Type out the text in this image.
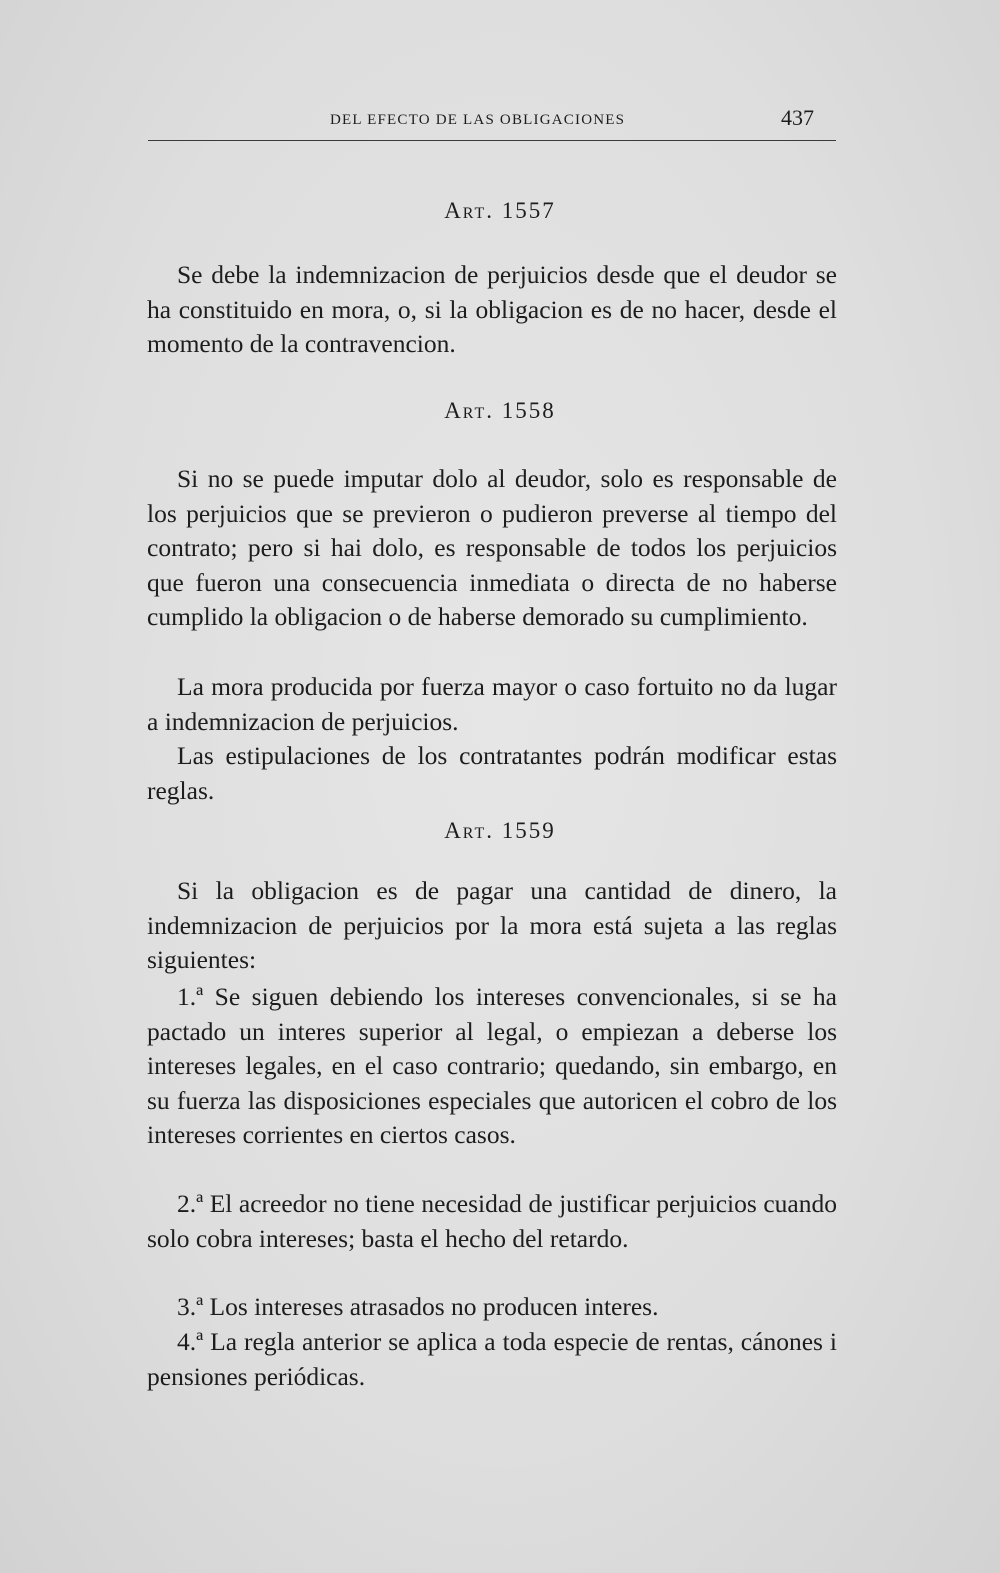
DEL EFECTO DE LAS OBLIGACIONES	437
Art. 1557

Se debe la indemnizacion de perjuicios desde que el deudor se ha constituido en mora, o, si la obligacion es de no hacer, desde el momento de la contravencion.

Art. 1558

Si no se puede imputar dolo al deudor, solo es responsable de los perjuicios que se previeron o pudieron preverse al tiempo del contrato; pero si hai dolo, es responsable de todos los perjuicios que fueron una consecuencia inmediata o directa de no haberse cumplido la obligacion o de haberse demorado su cumplimiento.

La mora producida por fuerza mayor o caso fortuito no da lugar a indemnizacion de perjuicios.

Las estipulaciones de los contratantes podrán modificar estas reglas.

Art. 1559

Si la obligacion es de pagar una cantidad de dinero, la indemnizacion de perjuicios por la mora está sujeta a las reglas siguientes:

1.ª Se siguen debiendo los intereses convencionales, si se ha pactado un interes superior al legal, o empiezan a deberse los intereses legales, en el caso contrario; quedando, sin embargo, en su fuerza las disposiciones especiales que autoricen el cobro de los intereses corrientes en ciertos casos.

2.ª El acreedor no tiene necesidad de justificar perjuicios cuando solo cobra intereses; basta el hecho del retardo.

3.ª Los intereses atrasados no producen interes.

4.ª La regla anterior se aplica a toda especie de rentas, cánones i pensiones periódicas.
